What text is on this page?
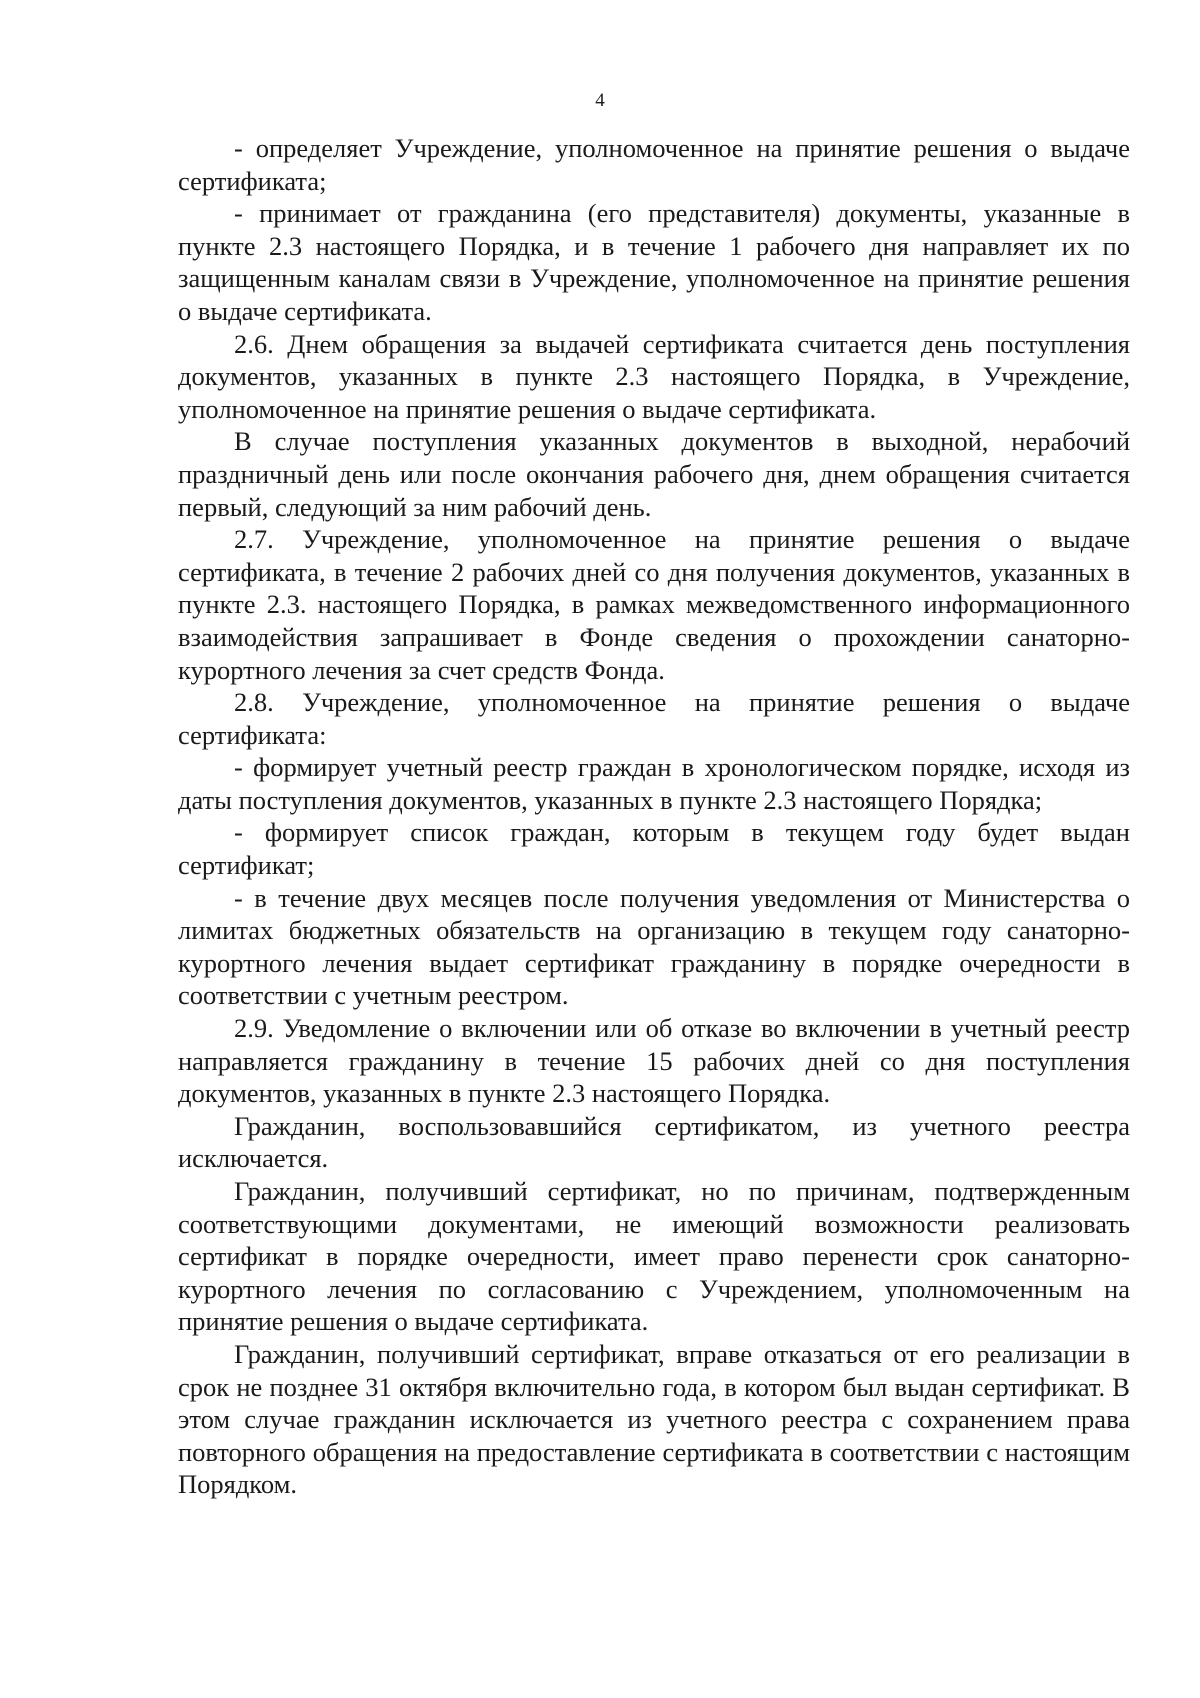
4

- определяет Учреждение, уполномоченное на принятие решения о выдаче сертификата;

- принимает от гражданина (его представителя) документы, указанные в пункте 2.3 настоящего Порядка, и в течение 1 рабочего дня направляет их по защищенным каналам связи в Учреждение, уполномоченное на принятие решения о выдаче сертификата.

2.6. Днем обращения за выдачей сертификата считается день поступления документов, указанных в пункте 2.3 настоящего Порядка, в Учреждение, уполномоченное на принятие решения о выдаче сертификата.

В случае поступления указанных документов в выходной, нерабочий праздничный день или после окончания рабочего дня, днем обращения считается первый, следующий за ним рабочий день.

2.7. Учреждение, уполномоченное на принятие решения о выдаче сертификата, в течение 2 рабочих дней со дня получения документов, указанных в пункте 2.3. настоящего Порядка, в рамках межведомственного информационного взаимодействия запрашивает в Фонде сведения о прохождении санаторно-курортного лечения за счет средств Фонда.

2.8. Учреждение, уполномоченное на принятие решения о выдаче сертификата:

- формирует учетный реестр граждан в хронологическом порядке, исходя из даты поступления документов, указанных в пункте 2.3 настоящего Порядка;

- формирует список граждан, которым в текущем году будет выдан сертификат;

- в течение двух месяцев после получения уведомления от Министерства о лимитах бюджетных обязательств на организацию в текущем году санаторно-курортного лечения выдает сертификат гражданину в порядке очередности в соответствии с учетным реестром.

2.9. Уведомление о включении или об отказе во включении в учетный реестр направляется гражданину в течение 15 рабочих дней со дня поступления документов, указанных в пункте 2.3 настоящего Порядка.

Гражданин, воспользовавшийся сертификатом, из учетного реестра исключается.

Гражданин, получивший сертификат, но по причинам, подтвержденным соответствующими документами, не имеющий возможности реализовать сертификат в порядке очередности, имеет право перенести срок санаторно-курортного лечения по согласованию с Учреждением, уполномоченным на принятие решения о выдаче сертификата.

Гражданин, получивший сертификат, вправе отказаться от его реализации в срок не позднее 31 октября включительно года, в котором был выдан сертификат. В этом случае гражданин исключается из учетного реестра с сохранением права повторного обращения на предоставление сертификата в соответствии с настоящим Порядком.
